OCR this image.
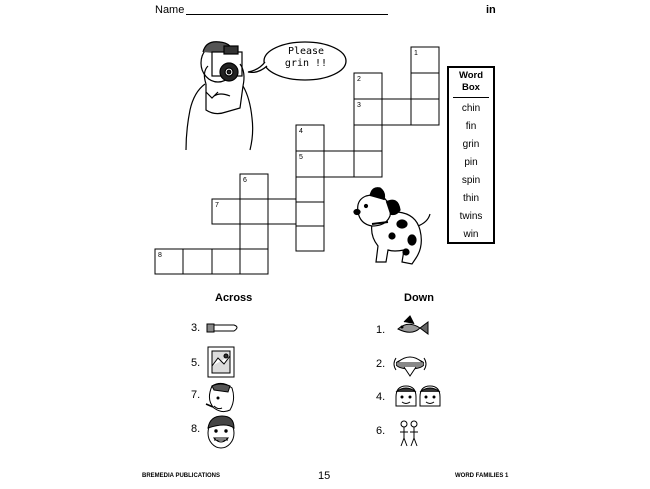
Name	in
1
2
3
4
5
6
7
8
Please
grin !!
Word
Box
chin
fin
grin
pin
spin
thin
twins
win
Across
3.
5.
7.
8.
Down
1.
2.
4.
6.
BREMEDIA PUBLICATIONS	15	WORD FAMILIES 1
